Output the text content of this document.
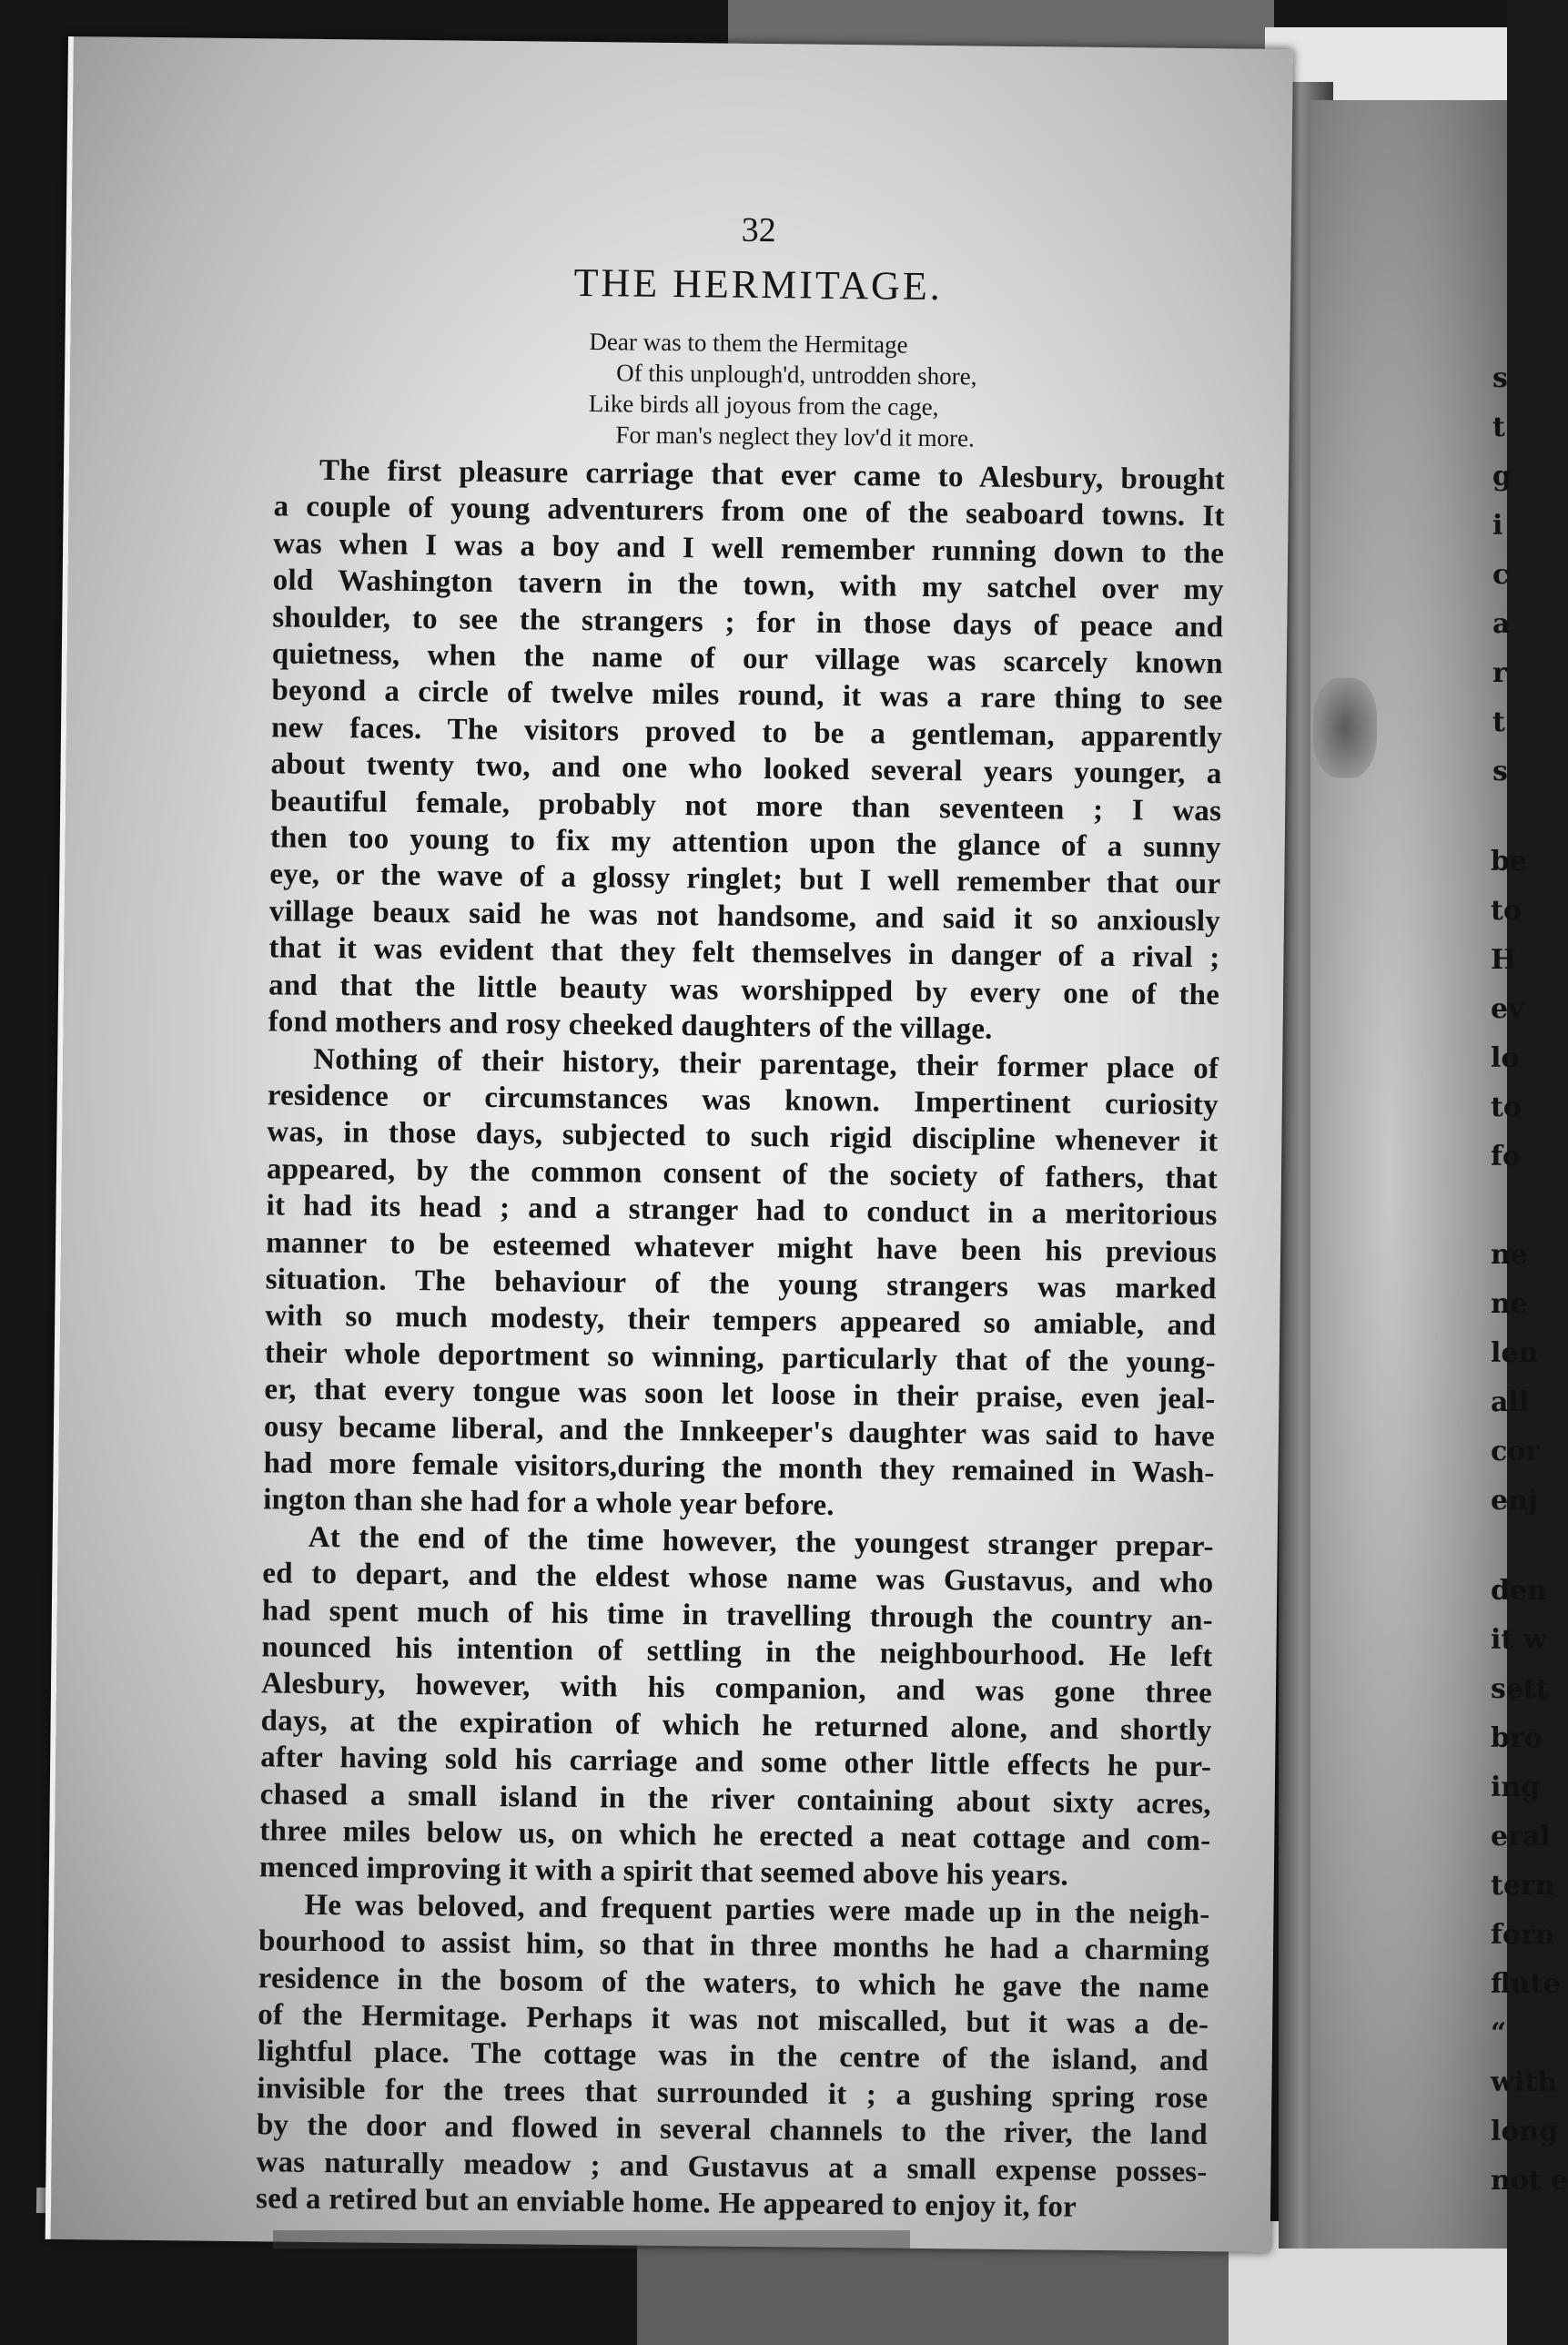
s
t
g
i
c
a
r
t
s
be
to
H
ev
lo
to
fo
ne
ne
len
all
cor
enj
den
it w
sett
bro
ing
eral
tern
forn
flute
“
with
long
not e
32
THE HERMITAGE.
Dear was to them the Hermitage
Of this unplough'd, untrodden shore,
Like birds all joyous from the cage,
For man's neglect they lov'd it more.
The first pleasure carriage that ever came to Alesbury, brought
a couple of young adventurers from one of the seaboard towns. It
was when I was a boy and I well remember running down to the
old Washington tavern in the town, with my satchel over my
shoulder, to see the strangers ; for in those days of peace and
quietness, when the name of our village was scarcely known
beyond a circle of twelve miles round, it was a rare thing to see
new faces. The visitors proved to be a gentleman, apparently
about twenty two, and one who looked several years younger, a
beautiful female, probably not more than seventeen ; I was
then too young to fix my attention upon the glance of a sunny
eye, or the wave of a glossy ringlet; but I well remember that our
village beaux said he was not handsome, and said it so anxiously
that it was evident that they felt themselves in danger of a rival ;
and that the little beauty was worshipped by every one of the
fond mothers and rosy cheeked daughters of the village.
Nothing of their history, their parentage, their former place of
residence or circumstances was known. Impertinent curiosity
was, in those days, subjected to such rigid discipline whenever it
appeared, by the common consent of the society of fathers, that
it had its head ; and a stranger had to conduct in a meritorious
manner to be esteemed whatever might have been his previous
situation. The behaviour of the young strangers was marked
with so much modesty, their tempers appeared so amiable, and
their whole deportment so winning, particularly that of the young-
er, that every tongue was soon let loose in their praise, even jeal-
ousy became liberal, and the Innkeeper's daughter was said to have
had more female visitors,during the month they remained in Wash-
ington than she had for a whole year before.
At the end of the time however, the youngest stranger prepar-
ed to depart, and the eldest whose name was Gustavus, and who
had spent much of his time in travelling through the country an-
nounced his intention of settling in the neighbourhood. He left
Alesbury, however, with his companion, and was gone three
days, at the expiration of which he returned alone, and shortly
after having sold his carriage and some other little effects he pur-
chased a small island in the river containing about sixty acres,
three miles below us, on which he erected a neat cottage and com-
menced improving it with a spirit that seemed above his years.
He was beloved, and frequent parties were made up in the neigh-
bourhood to assist him, so that in three months he had a charming
residence in the bosom of the waters, to which he gave the name
of the Hermitage. Perhaps it was not miscalled, but it was a de-
lightful place. The cottage was in the centre of the island, and
invisible for the trees that surrounded it ; a gushing spring rose
by the door and flowed in several channels to the river, the land
was naturally meadow ; and Gustavus at a small expense posses-
sed a retired but an enviable home. He appeared to enjoy it, for
